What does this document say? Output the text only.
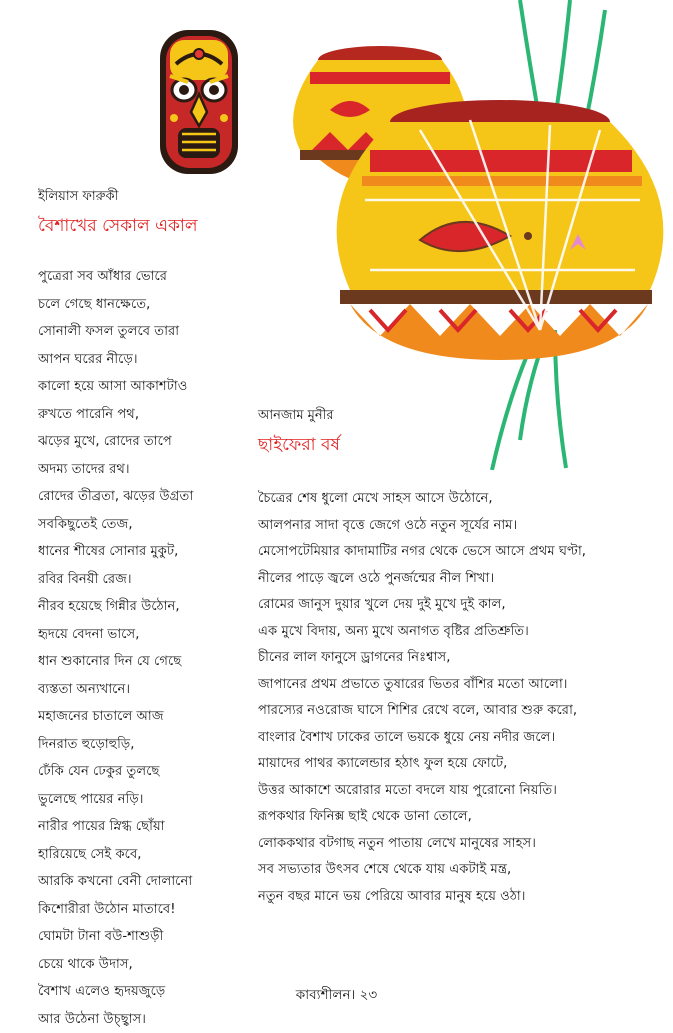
ইলিয়াস ফারুকী

বৈশাখের সেকাল একাল
পুত্রেরা সব আঁধার ভোরে
চলে গেছে ধানক্ষেতে,
সোনালী ফসল তুলবে তারা
আপন ঘরের নীড়ে।
কালো হয়ে আসা আকাশটাও
রুখতে পারেনি পথ,
ঝড়ের মুখে, রোদের তাপে
অদম্য তাদের রথ।
রোদের তীব্রতা, ঝড়ের উগ্রতা
সবকিছুতেই তেজ,
ধানের শীষের সোনার মুকুট,
রবির বিনয়ী রেজ।
নীরব হয়েছে গিন্নীর উঠোন,
হৃদয়ে বেদনা ভাসে,
ধান শুকানোর দিন যে গেছে
ব্যস্ততা অন্যখানে।
মহাজনের চাতালে আজ
দিনরাত হুড়োহুড়ি,
ঢেঁকি যেন ঢেকুর তুলছে
ভুলেছে পায়ের নড়ি।
নারীর পায়ের স্নিগ্ধ ছোঁয়া
হারিয়েছে সেই কবে,
আরকি কখনো বেনী দোলানো
কিশোরীরা উঠোন মাতাবে!
ঘোমটা টানা বউ-শাশুড়ী
চেয়ে থাকে উদাস,
বৈশাখ এলেও হৃদয়জুড়ে
আর উঠেনা উচ্ছ্বাস।

আনজাম মুনীর

ছাইফেরা বর্ষ
চৈত্রের শেষ ধুলো মেখে সাহস আসে উঠোনে,
আলপনার সাদা বৃত্তে জেগে ওঠে নতুন সূর্যের নাম।
মেসোপটেমিয়ার কাদামাটির নগর থেকে ভেসে আসে প্রথম ঘণ্টা,
নীলের পাড়ে জ্বলে ওঠে পুনর্জন্মের নীল শিখা।
রোমের জানুস দুয়ার খুলে দেয় দুই মুখে দুই কাল,
এক মুখে বিদায়, অন্য মুখে অনাগত বৃষ্টির প্রতিশ্রুতি।
চীনের লাল ফানুসে ড্রাগনের নিঃশ্বাস,
জাপানের প্রথম প্রভাতে তুষারের ভিতর বাঁশির মতো আলো।
পারস্যের নওরোজ ঘাসে শিশির রেখে বলে, আবার শুরু করো,
বাংলার বৈশাখ ঢাকের তালে ভয়কে ধুয়ে নেয় নদীর জলে।
মায়াদের পাথর ক্যালেন্ডার হঠাৎ ফুল হয়ে ফোটে,
উত্তর আকাশে অরোরার মতো বদলে যায় পুরোনো নিয়তি।
রূপকথার ফিনিক্স ছাই থেকে ডানা তোলে,
লোককথার বটগাছ নতুন পাতায় লেখে মানুষের সাহস।
সব সভ্যতার উৎসব শেষে থেকে যায় একটাই মন্ত্র,
নতুন বছর মানে ভয় পেরিয়ে আবার মানুষ হয়ে ওঠা।
কাব্যশীলন। ২৩
